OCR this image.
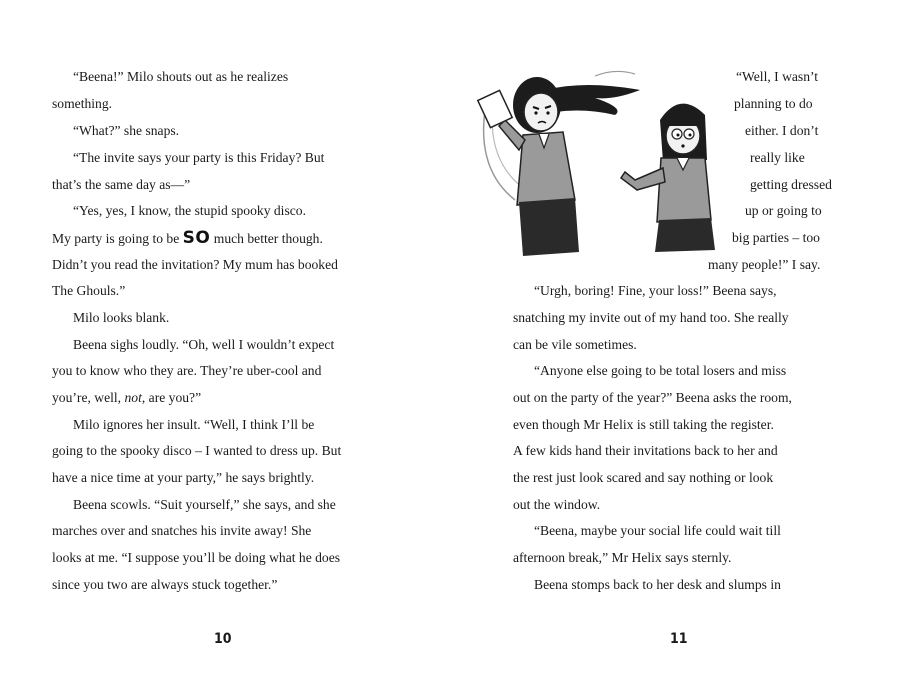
“Beena!” Milo shouts out as he realizes
something.
“What?” she snaps.
“The invite says your party is this Friday? But
that’s the same day as—”
“Yes, yes, I know, the stupid spooky disco.
My party is going to be SO much better though.
Didn’t you read the invitation? My mum has booked
The Ghouls.”
Milo looks blank.
Beena sighs loudly. “Oh, well I wouldn’t expect
you to know who they are. They’re uber-cool and
you’re, well, not, are you?”
Milo ignores her insult. “Well, I think I’ll be
going to the spooky disco – I wanted to dress up. But
have a nice time at your party,” he says brightly.
Beena scowls. “Suit yourself,” she says, and she
marches over and snatches his invite away! She
looks at me. “I suppose you’ll be doing what he does
since you two are always stuck together.”
10
“Well, I wasn’t
planning to do
either. I don’t
really like
getting dressed
up or going to
big parties – too
many people!” I say.
“Urgh, boring! Fine, your loss!” Beena says,
snatching my invite out of my hand too. She really
can be vile sometimes.
“Anyone else going to be total losers and miss
out on the party of the year?” Beena asks the room,
even though Mr Helix is still taking the register.
A few kids hand their invitations back to her and
the rest just look scared and say nothing or look
out the window.
“Beena, maybe your social life could wait till
afternoon break,” Mr Helix says sternly.
Beena stomps back to her desk and slumps in
11
